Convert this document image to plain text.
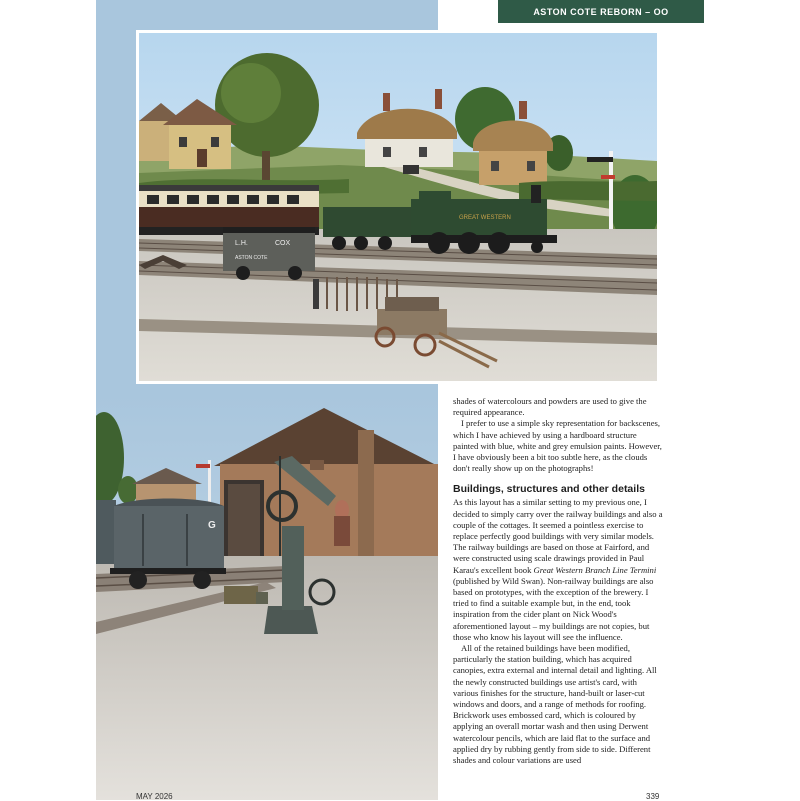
ASTON COTE REBORN – OO
GREAT WESTERN
L.H.	COX
ASTON COTE
G

shades of watercolours and powders are used to give the required appearance.

I prefer to use a simple sky representation for backscenes, which I have achieved by using a hardboard structure painted with blue, white and grey emulsion paints. However, I have obviously been a bit too subtle here, as the clouds don't really show up on the photographs!

Buildings, structures and other details

As this layout has a similar setting to my previous one, I decided to simply carry over the railway buildings and also a couple of the cottages. It seemed a pointless exercise to replace perfectly good buildings with very similar models. The railway buildings are based on those at Fairford, and were constructed using scale drawings provided in Paul Karau's excellent book Great Western Branch Line Termini (published by Wild Swan). Non-railway buildings are also based on prototypes, with the exception of the brewery. I tried to find a suitable example but, in the end, took inspiration from the cider plant on Nick Wood's aforementioned layout – my buildings are not copies, but those who know his layout will see the influence.

All of the retained buildings have been modified, particularly the station building, which has acquired canopies, extra external and internal detail and lighting. All the newly constructed buildings use artist's card, with various finishes for the structure, hand-built or laser-cut windows and doors, and a range of methods for roofing. Brickwork uses embossed card, which is coloured by applying an overall mortar wash and then using Derwent watercolour pencils, which are laid flat to the surface and applied dry by rubbing gently from side to side. Different shades and colour variations are used

MAY 2026	339
